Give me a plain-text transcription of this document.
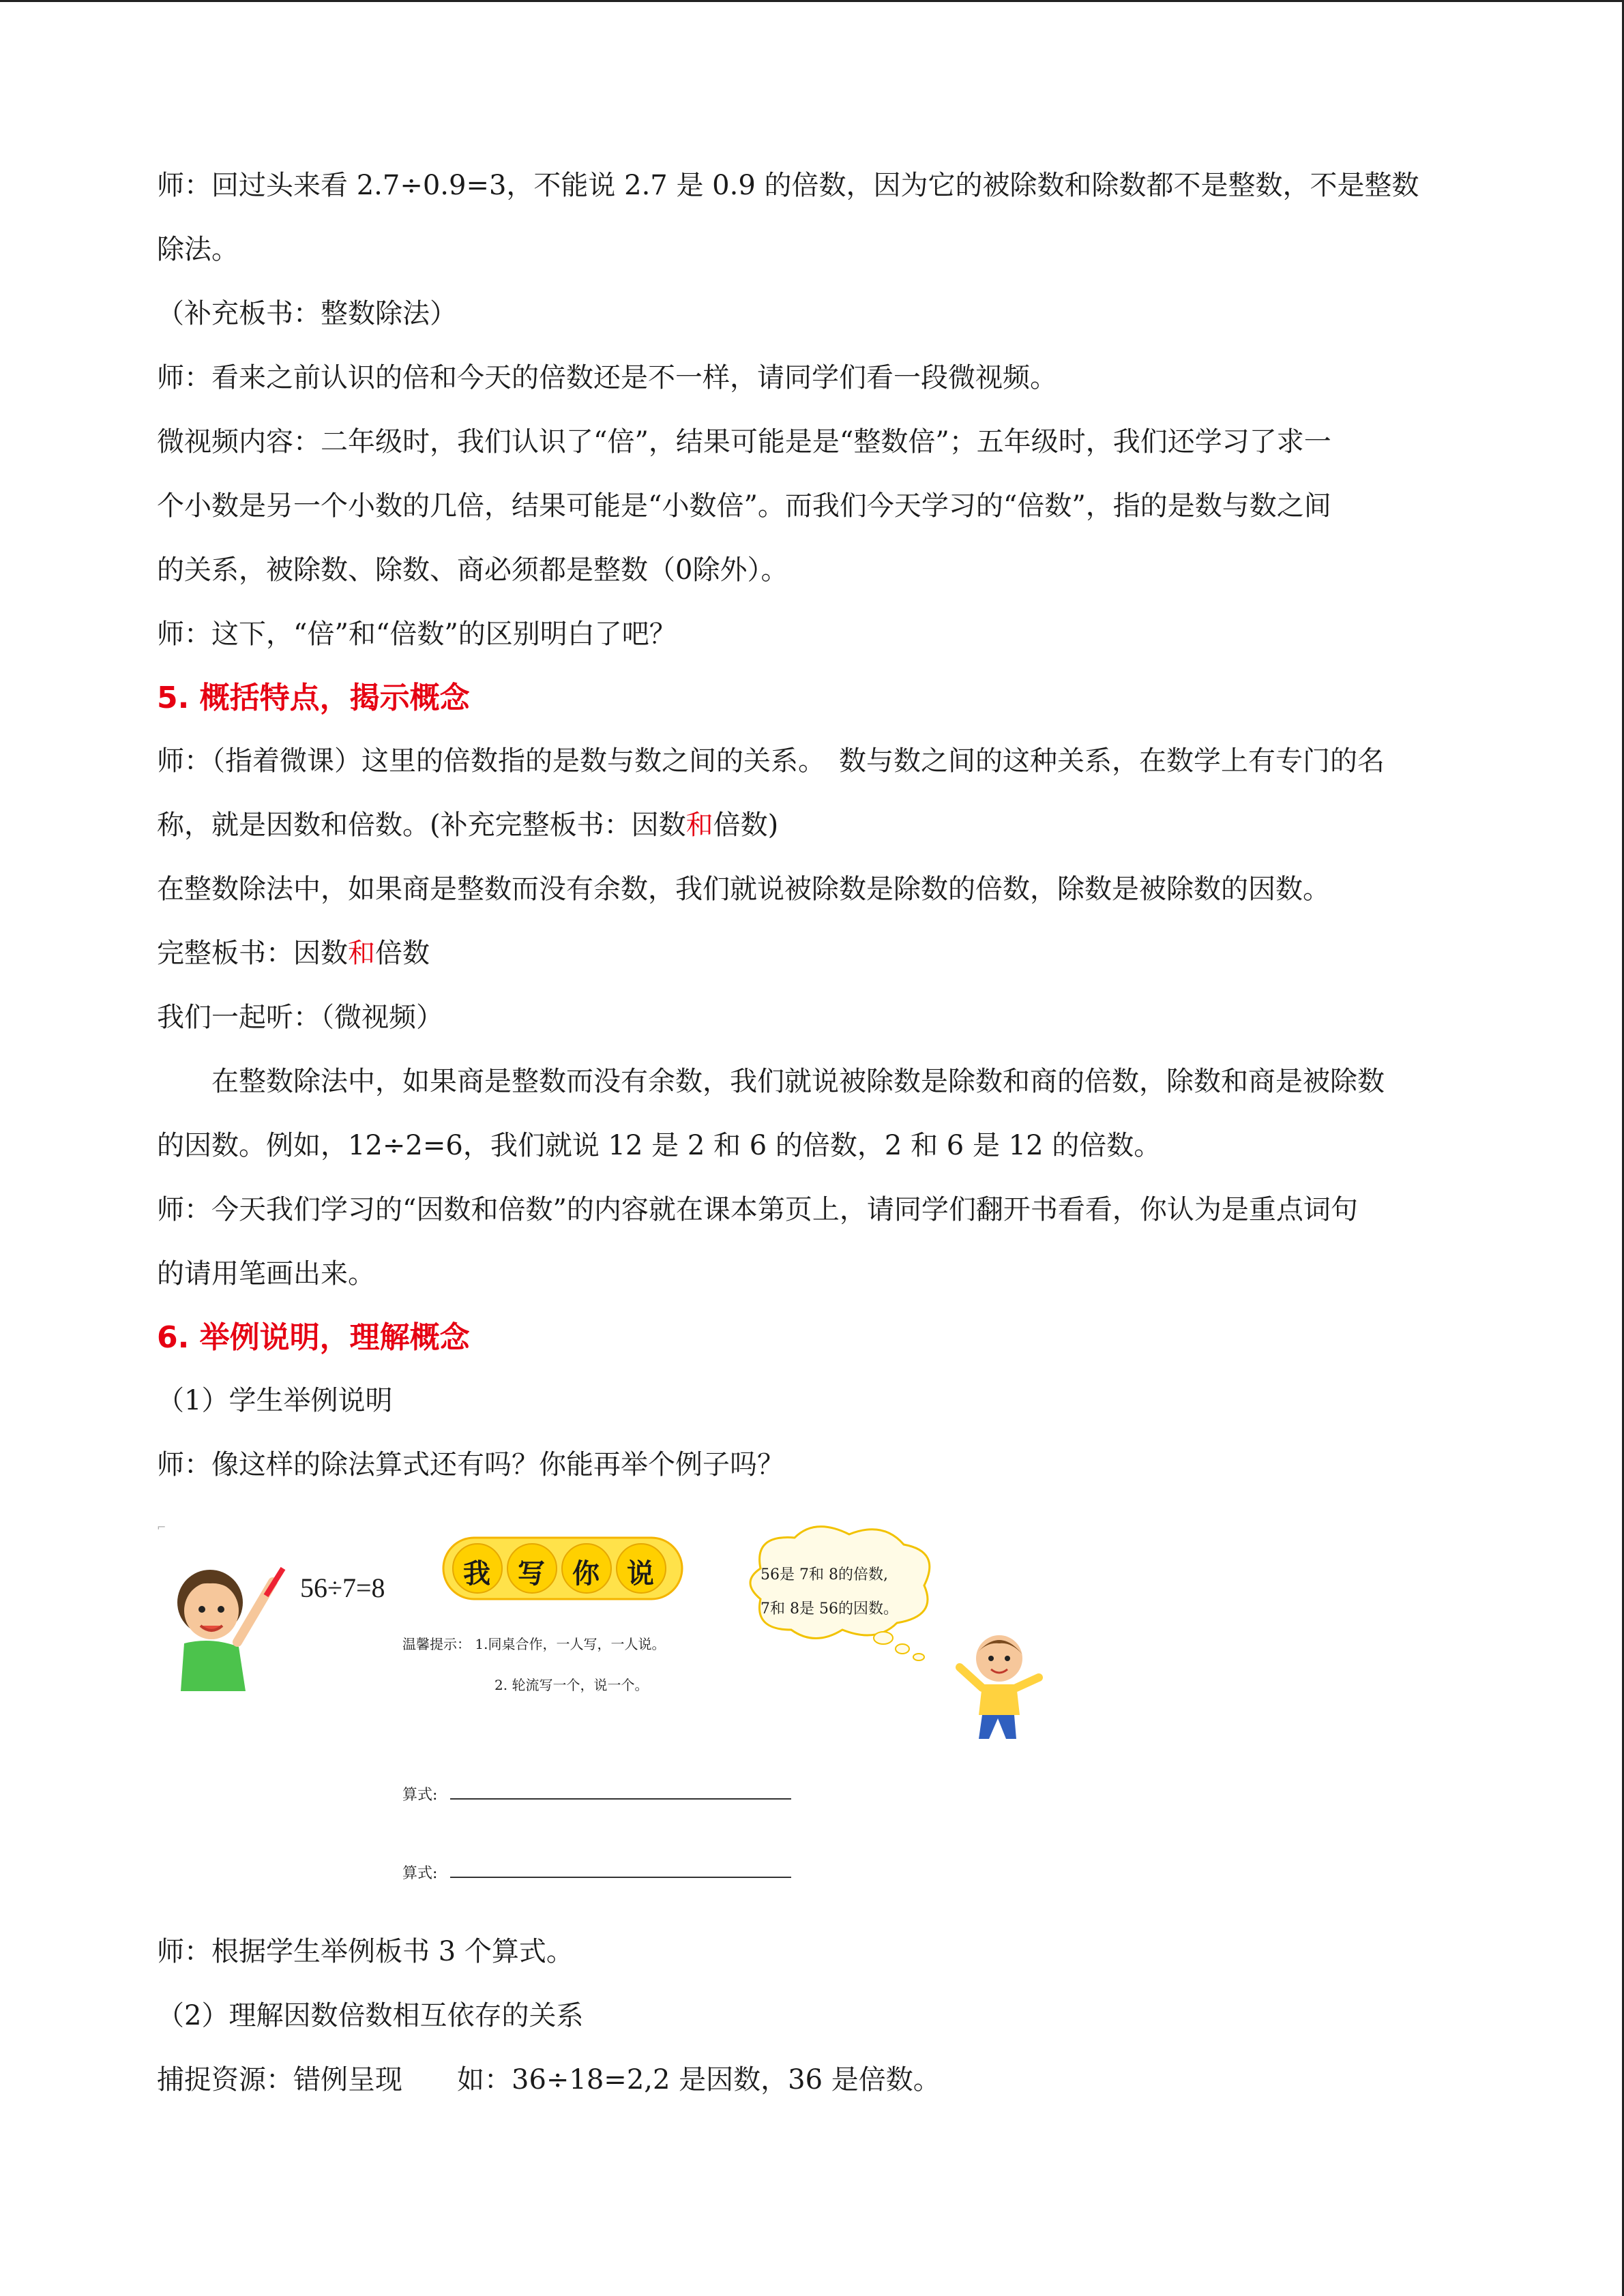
师：回过头来看 2.7÷0.9=3，不能说 2.7 是 0.9 的倍数，因为它的被除数和除数都不是整数，不是整数
除法。
（补充板书：整数除法）
师：看来之前认识的倍和今天的倍数还是不一样，请同学们看一段微视频。
微视频内容：二年级时，我们认识了“倍”，结果可能是是“整数倍”；五年级时，我们还学习了求一
个小数是另一个小数的几倍，结果可能是“小数倍”。而我们今天学习的“倍数”，指的是数与数之间
的关系，被除数、除数、商必须都是整数（0除外）。
师：这下，“倍”和“倍数”的区别明白了吧？
5. 概括特点，揭示概念
师：（指着微课）这里的倍数指的是数与数之间的关系。　数与数之间的这种关系，在数学上有专门的名
称，就是因数和倍数。(补充完整板书：因数和倍数)
在整数除法中，如果商是整数而没有余数，我们就说被除数是除数的倍数，除数是被除数的因数。
完整板书：因数和倍数
我们一起听：（微视频）
在整数除法中，如果商是整数而没有余数，我们就说被除数是除数和商的倍数，除数和商是被除数
的因数。例如，12÷2=6，我们就说 12 是 2 和 6 的倍数，2 和 6 是 12 的倍数。
师：今天我们学习的“因数和倍数”的内容就在课本第页上，请同学们翻开书看看，你认为是重点词句
的请用笔画出来。
6. 举例说明，理解概念
（1）学生举例说明
师：像这样的除法算式还有吗？你能再举个例子吗？
⌐
56÷7=8	我 写 你 说	56是 7和 8的倍数,
7和 8是 56的因数。
温馨提示： 1.同桌合作，一人写，一人说。
2. 轮流写一个，说一个。
算式:
算式:
师：根据学生举例板书 3 个算式。
（2）理解因数倍数相互依存的关系
捕捉资源：错例呈现　　如：36÷18=2,2 是因数，36 是倍数。
